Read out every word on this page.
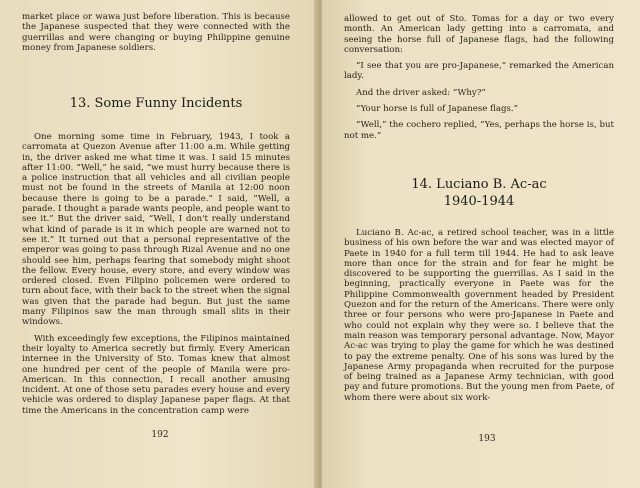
market place or wawa just before liberation. This is because the Japanese suspected that they were connected with the guerrillas and were changing or buying Philippine genuine money from Japanese soldiers.

13. Some Funny Incidents

One morning some time in February, 1943, I took a carromata at Quezon Avenue after 11:00 a.m. While getting in, the driver asked me what time it was. I said 15 minutes after 11:00. “Well,” he said, “we must hurry because there is a police instruction that all vehicles and all civilian people must not be found in the streets of Manila at 12:00 noon because there is going to be a parade.” I said, “Well, a parade. I thought a parade wants people, and people want to see it.” But the driver said, “Well, I don't really understand what kind of parade is it in which people are warned not to see it.” It turned out that a personal representative of the emperor was going to pass through Rizal Avenue and no one should see him, perhaps fearing that somebody might shoot the fellow. Every house, every store, and every window was ordered closed. Even Filipino policemen were ordered to turn about face, with their back to the street when the signal was given that the parade had begun. But just the same many Filipinos saw the man through small slits in their windows.

With exceedingly few exceptions, the Filipinos maintained their loyalty to America secretly but firmly. Every American internee in the University of Sto. Tomas knew that almost one hundred per cent of the people of Manila were pro-American. In this connection, I recall another amusing incident. At one of those setu parades every house and every vehicle was ordered to display Japanese paper flags. At that time the Americans in the concentration camp were

192

allowed to get out of Sto. Tomas for a day or two every month. An American lady getting into a carromata, and seeing the horse full of Japanese flags, had the following conversation:

“I see that you are pro-Japanese,” remarked the American lady.

And the driver asked: “Why?”

“Your horse is full of Japanese flags.”

“Well,” the cochero replied, “Yes, perhaps the horse is, but not me.”

14. Luciano B. Ac-ac
1940-1944

Luciano B. Ac-ac, a retired school teacher, was in a little business of his own before the war and was elected mayor of Paete in 1940 for a full term till 1944. He had to ask leave more than once for the strain and for fear he might be discovered to be supporting the guerrillas. As I said in the beginning, practically everyone in Paete was for the Philippine Commonwealth government headed by President Quezon and for the return of the Americans. There were only three or four persons who were pro-Japanese in Paete and who could not explain why they were so. I believe that the main reason was temporary personal advantage. Now, Mayor Ac-ac was trying to play the game for which he was destined to pay the extreme penalty. One of his sons was lured by the Japanese Army propaganda when recruited for the purpose of being trained as a Japanese Army technician, with good pay and future promotions. But the young men from Paete, of whom there were about six work-

193
